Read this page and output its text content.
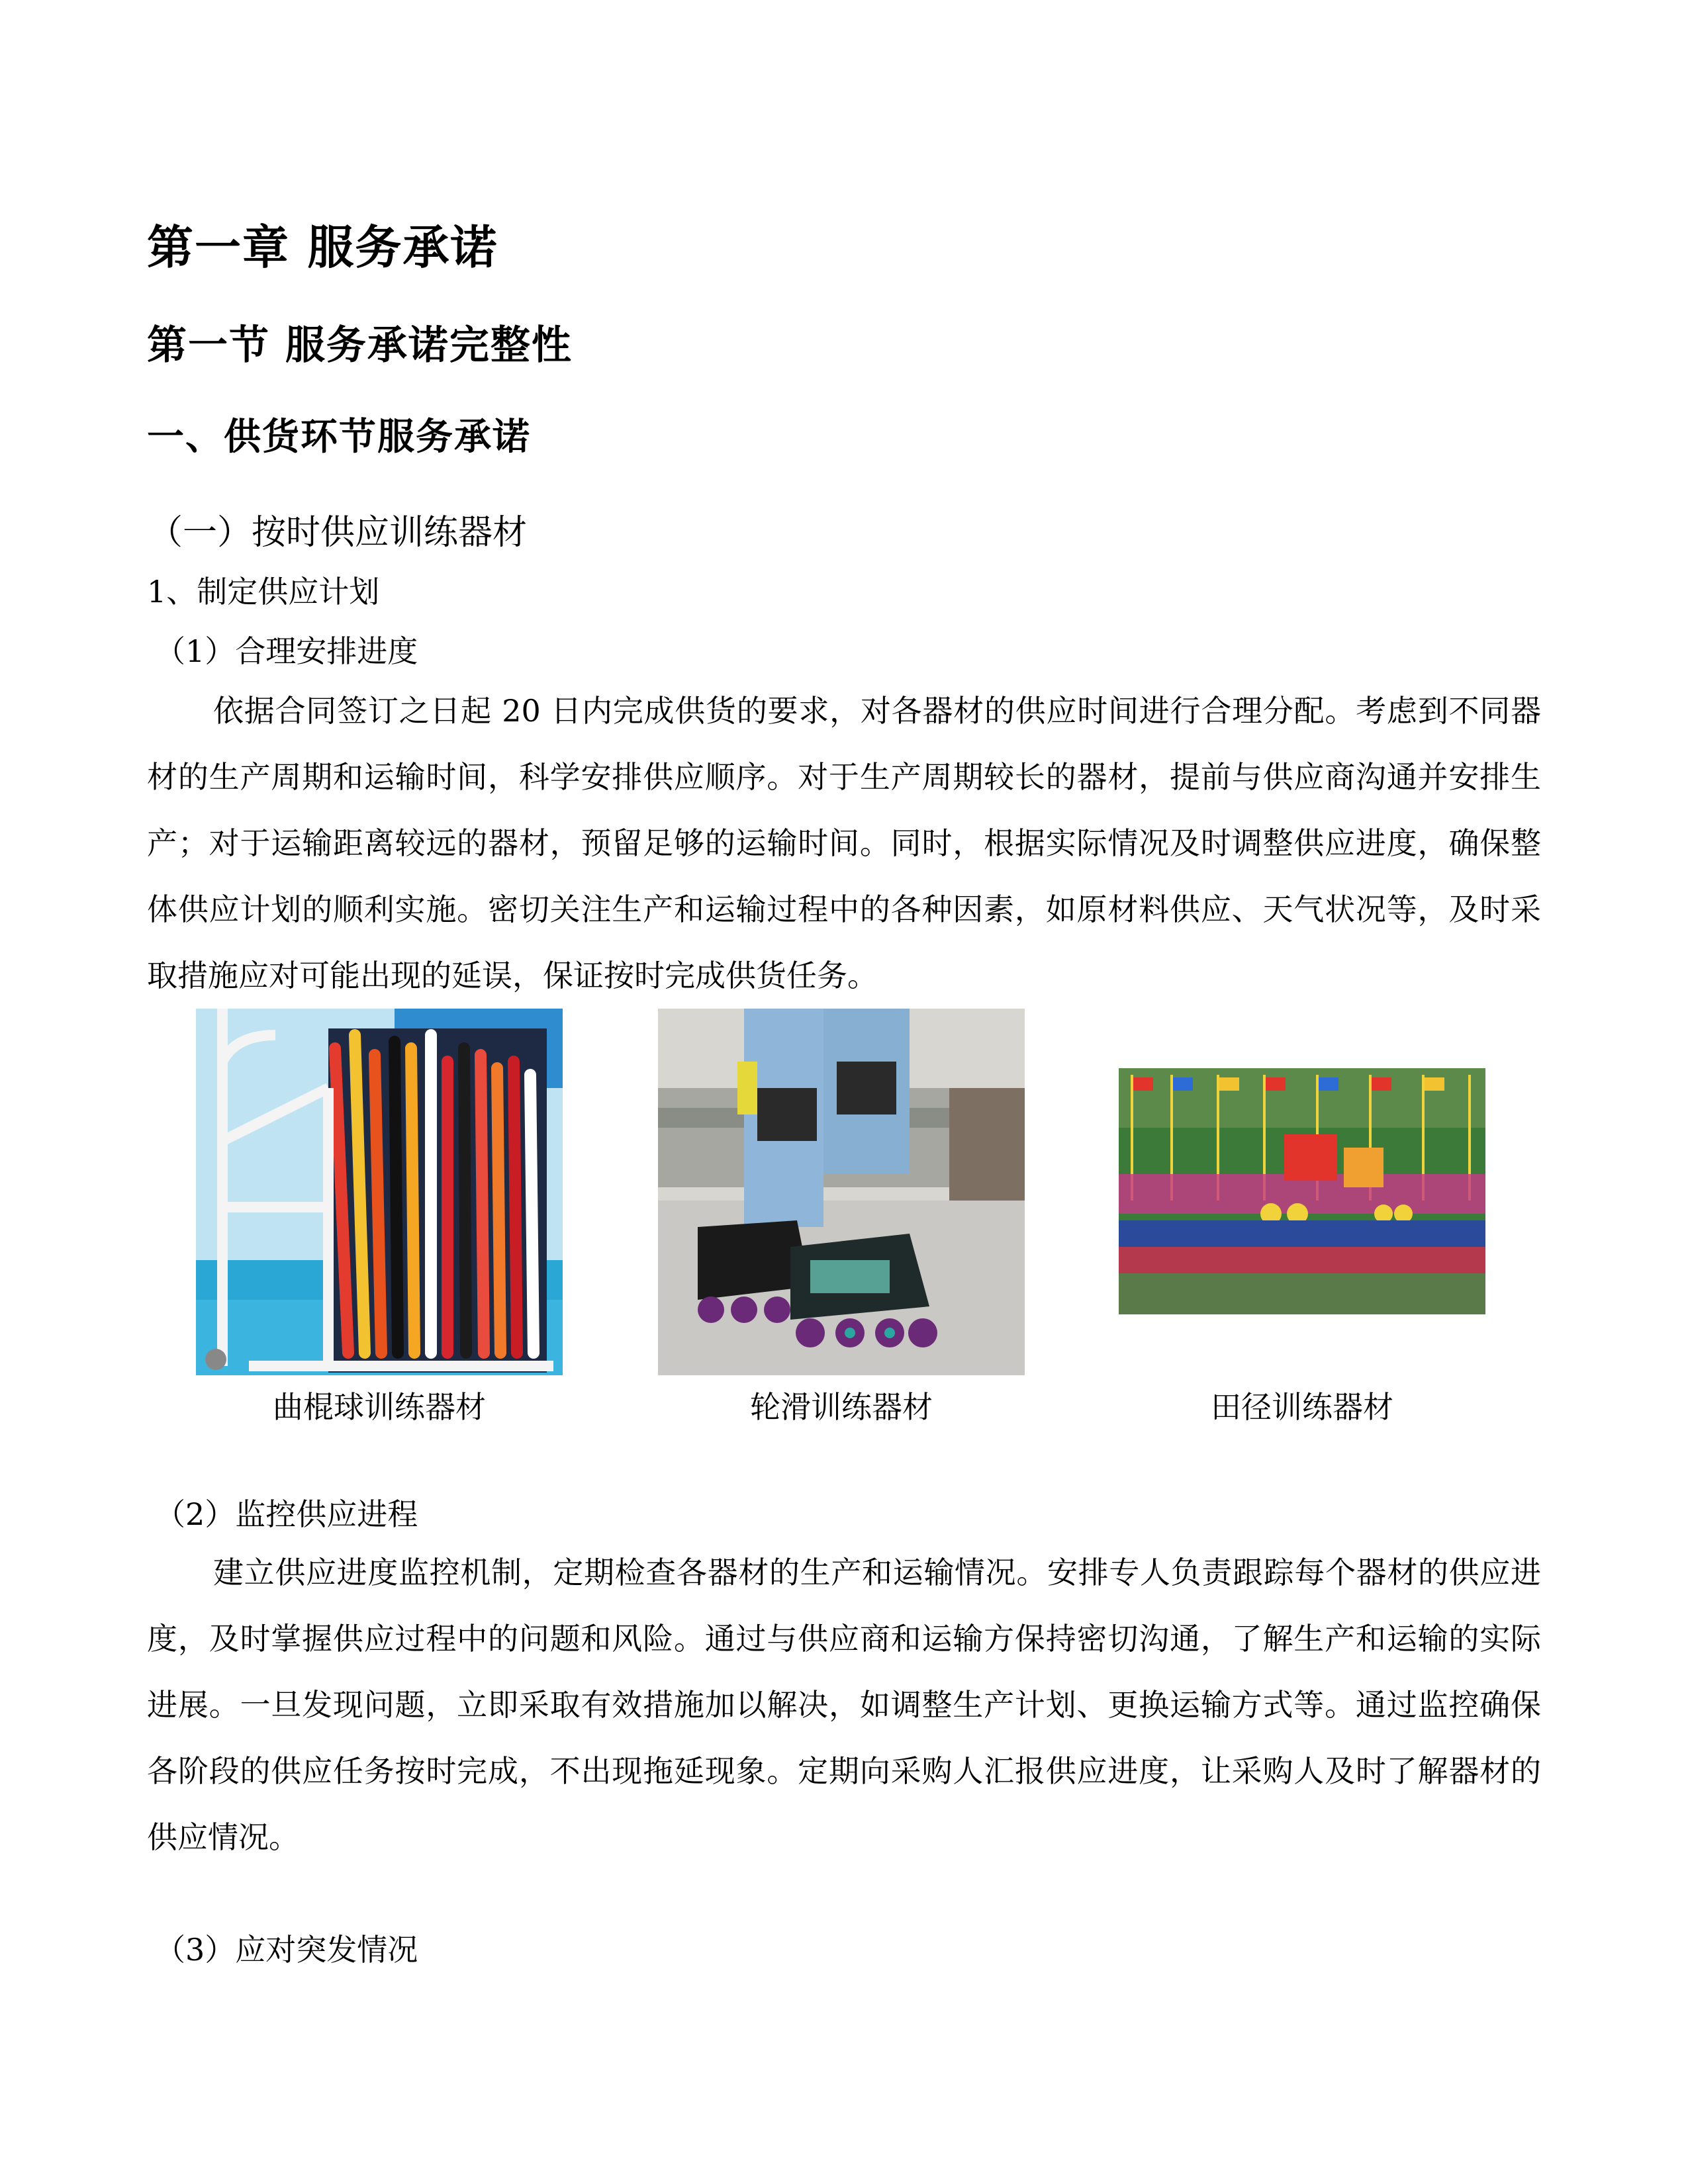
第一章 服务承诺
第一节 服务承诺完整性
一、供货环节服务承诺
（一）按时供应训练器材
1、制定供应计划
（1）合理安排进度

依据合同签订之日起 20 日内完成供货的要求，对各器材的供应时间进行合理分配。考虑到不同器材的生产周期和运输时间，科学安排供应顺序。对于生产周期较长的器材，提前与供应商沟通并安排生产；对于运输距离较远的器材，预留足够的运输时间。同时，根据实际情况及时调整供应进度，确保整体供应计划的顺利实施。密切关注生产和运输过程中的各种因素，如原材料供应、天气状况等，及时采取措施应对可能出现的延误，保证按时完成供货任务。

曲棍球训练器材	轮滑训练器材	田径训练器材
（2）监控供应进程

建立供应进度监控机制，定期检查各器材的生产和运输情况。安排专人负责跟踪每个器材的供应进度，及时掌握供应过程中的问题和风险。通过与供应商和运输方保持密切沟通，了解生产和运输的实际进展。一旦发现问题，立即采取有效措施加以解决，如调整生产计划、更换运输方式等。通过监控确保各阶段的供应任务按时完成，不出现拖延现象。定期向采购人汇报供应进度，让采购人及时了解器材的供应情况。

（3）应对突发情况
